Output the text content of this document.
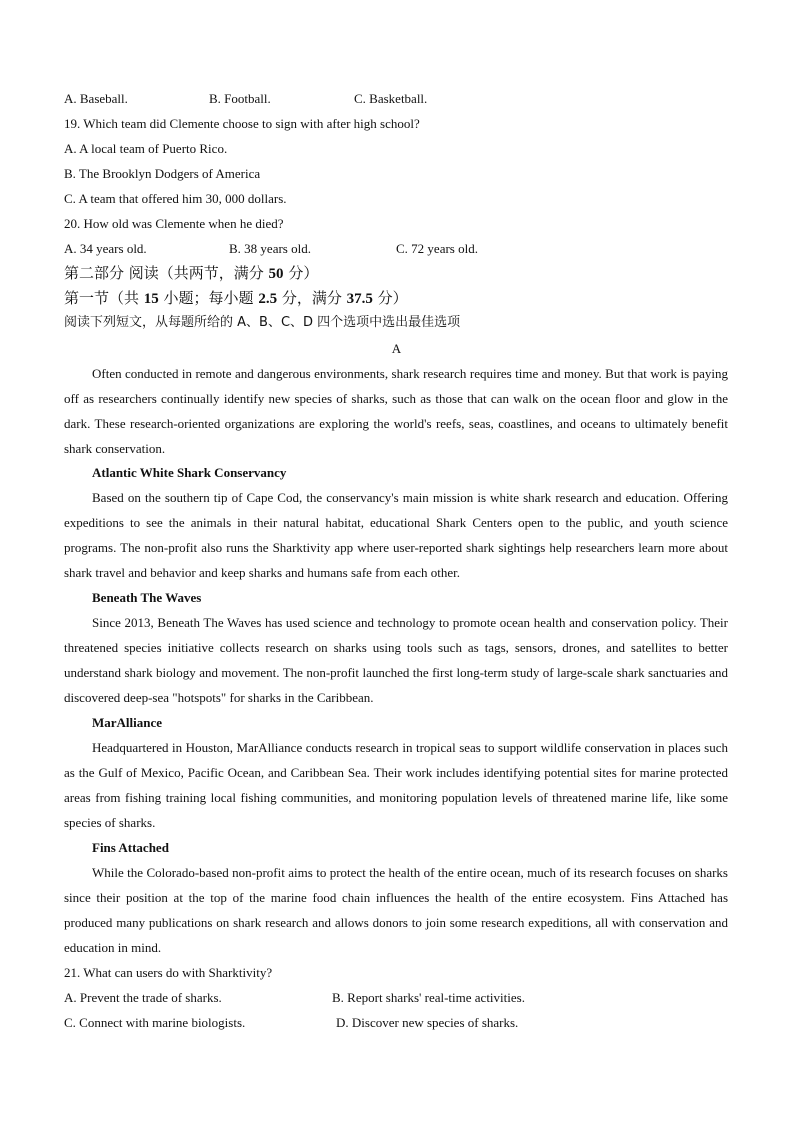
A. Baseball.	B. Football.	C. Basketball.
19. Which team did Clemente choose to sign with after high school?
A. A local team of Puerto Rico.
B. The Brooklyn Dodgers of America
C. A team that offered him 30, 000 dollars.
20. How old was Clemente when he died?
A. 34 years old.	B. 38 years old.	C. 72 years old.
第二部分 阅读（共两节，满分 50 分）
第一节（共 15 小题；每小题 2.5 分，满分 37.5 分）
阅读下列短文，从每题所给的 A、B、C、D 四个选项中选出最佳选项
A
Often conducted in remote and dangerous environments, shark research requires time and money. But that work is paying off as researchers continually identify new species of sharks, such as those that can walk on the ocean floor and glow in the dark. These research-oriented organizations are exploring the world's reefs, seas, coastlines, and oceans to ultimately benefit shark conservation.
Atlantic White Shark Conservancy
Based on the southern tip of Cape Cod, the conservancy's main mission is white shark research and education. Offering expeditions to see the animals in their natural habitat, educational Shark Centers open to the public, and youth science programs. The non-profit also runs the Sharktivity app where user-reported shark sightings help researchers learn more about shark travel and behavior and keep sharks and humans safe from each other.
Beneath The Waves
Since 2013, Beneath The Waves has used science and technology to promote ocean health and conservation policy. Their threatened species initiative collects research on sharks using tools such as tags, sensors, drones, and satellites to better understand shark biology and movement. The non-profit launched the first long-term study of large-scale shark sanctuaries and discovered deep-sea "hotspots" for sharks in the Caribbean.
MarAlliance
Headquartered in Houston, MarAlliance conducts research in tropical seas to support wildlife conservation in places such as the Gulf of Mexico, Pacific Ocean, and Caribbean Sea. Their work includes identifying potential sites for marine protected areas from fishing training local fishing communities, and monitoring population levels of threatened marine life, like some species of sharks.
Fins Attached
While the Colorado-based non-profit aims to protect the health of the entire ocean, much of its research focuses on sharks since their position at the top of the marine food chain influences the health of the entire ecosystem. Fins Attached has produced many publications on shark research and allows donors to join some research expeditions, all with conservation and education in mind.
21. What can users do with Sharktivity?
A. Prevent the trade of sharks.	B. Report sharks' real-time activities.
C. Connect with marine biologists.	D. Discover new species of sharks.
